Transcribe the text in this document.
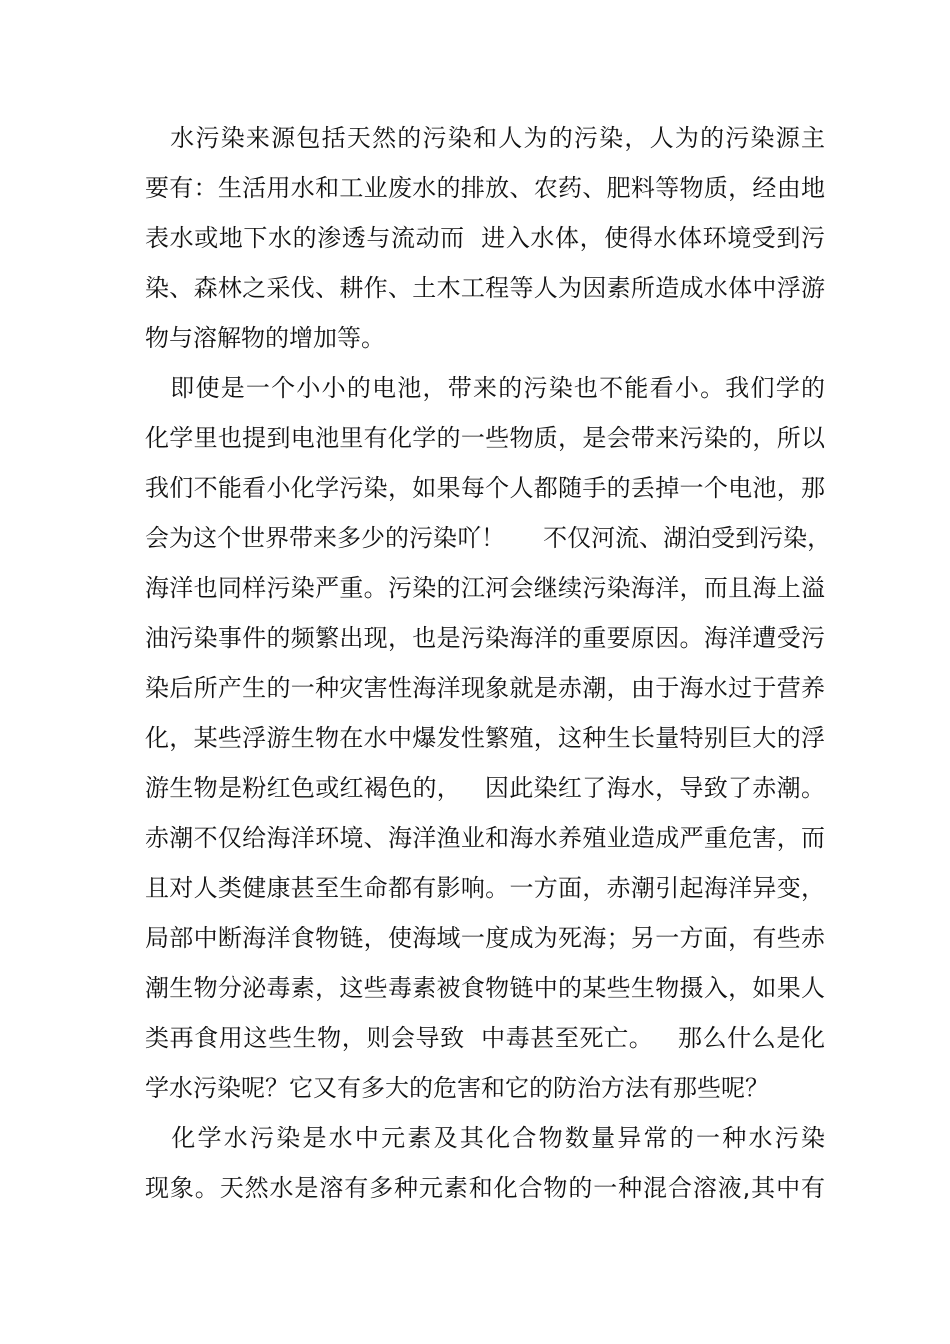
　水污染来源包括天然的污染和人为的污染，人为的污染源主
要有：生活用水和工业废水的排放、农药、肥料等物质，经由地
表水或地下水的渗透与流动而  进入水体，使得水体环境受到污
染、森林之采伐、耕作、土木工程等人为因素所造成水体中浮游
物与溶解物的增加等。
　即使是一个小小的电池，带来的污染也不能看小。我们学的
化学里也提到电池里有化学的一些物质，是会带来污染的，所以
我们不能看小化学污染，如果每个人都随手的丢掉一个电池，那
会为这个世界带来多少的污染吖！     不仅河流、湖泊受到污染，
海洋也同样污染严重。污染的江河会继续污染海洋，而且海上溢
油污染事件的频繁出现，也是污染海洋的重要原因。海洋遭受污
染后所产生的一种灾害性海洋现象就是赤潮，由于海水过于营养
化，某些浮游生物在水中爆发性繁殖，这种生长量特别巨大的浮
游生物是粉红色或红褐色的，   因此染红了海水，导致了赤潮。
赤潮不仅给海洋环境、海洋渔业和海水养殖业造成严重危害，而
且对人类健康甚至生命都有影响。一方面，赤潮引起海洋异变，
局部中断海洋食物链，使海域一度成为死海；另一方面，有些赤
潮生物分泌毒素，这些毒素被食物链中的某些生物摄入，如果人
类再食用这些生物，则会导致  中毒甚至死亡。   那么什么是化
学水污染呢？它又有多大的危害和它的防治方法有那些呢？
　化学水污染是水中元素及其化合物数量异常的一种水污染
现象。天然水是溶有多种元素和化合物的一种混合溶液,其中有
